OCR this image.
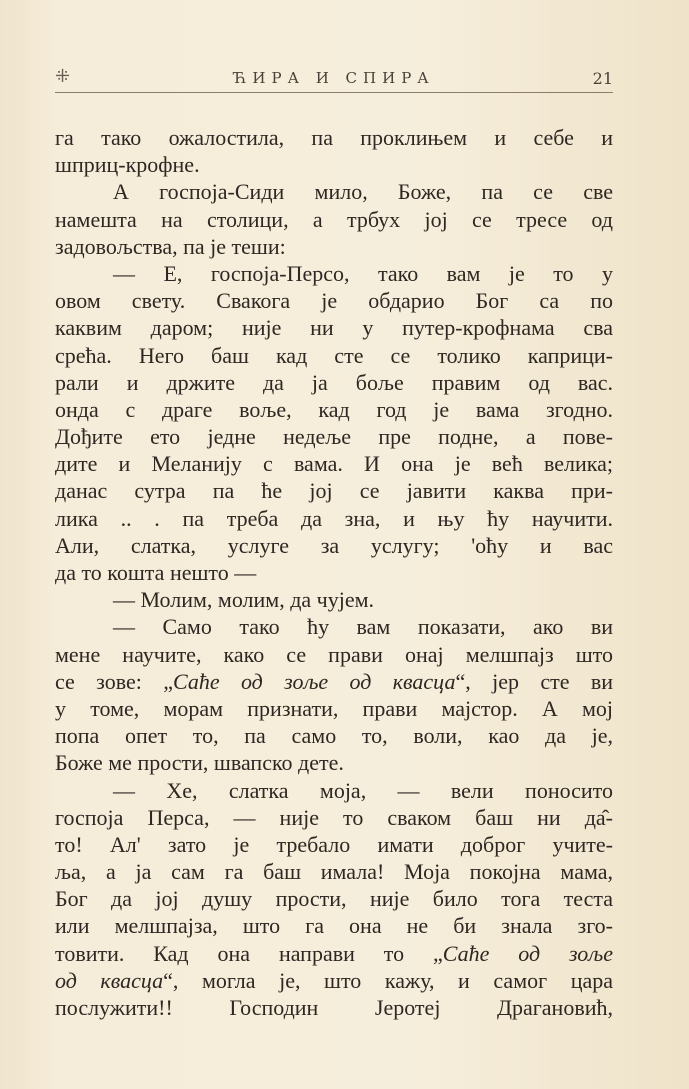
⁜	ЋИРА И СПИРА	21
га тако ожалостила, па проклињем и себе и
шприц-крофне.
А госпоја-Сиди мило, Боже, па се све
намешта на столици, а трбух јој се тресе од
задовољства, па је теши:
— Е, госпоја-Персо, тако вам је то у
овом свету. Свакога је обдарио Бог са по
каквим даром; није ни у путер-крофнама сва
срећа. Него баш кад сте се толико каприци-
рали и држите да ја боље правим од вас.
онда с драге воље, кад год је вама згодно.
Дођите ето једне недеље пре подне, а пове-
дите и Меланију с вама. И она је већ велика;
данас сутра па ће јој се јавити каква при-
лика .. . па треба да зна, и њу ћу научити.
Али, слатка, услуге за услугу; 'оћу и вас
да то кошта нешто —
— Молим, молим, да чујем.
— Само тако ћу вам показати, ако ви
мене научите, како се прави онај мелшпајз што
се зове: „Саће од зоље од квасца“, јер сте ви
у томе, морам признати, прави мајстор. А мој
попа опет то, па само то, воли, као да је,
Боже ме прости, швапско дете.
— Хе, слатка моја, — вели поносито
госпоја Перса, — није то сваком баш ни да̂-
то! Ал' зато је требало имати доброг учите-
ља, а ја сам га баш имала! Моја покојна мама,
Бог да јој душу прости, није било тога теста
или мелшпајза, што га она не би знала зго-
товити. Кад она направи то „Саће од зоље
од квасца“, могла је, што кажу, и самог цара
послужити!! Господин Јеротеј Драгановић,
